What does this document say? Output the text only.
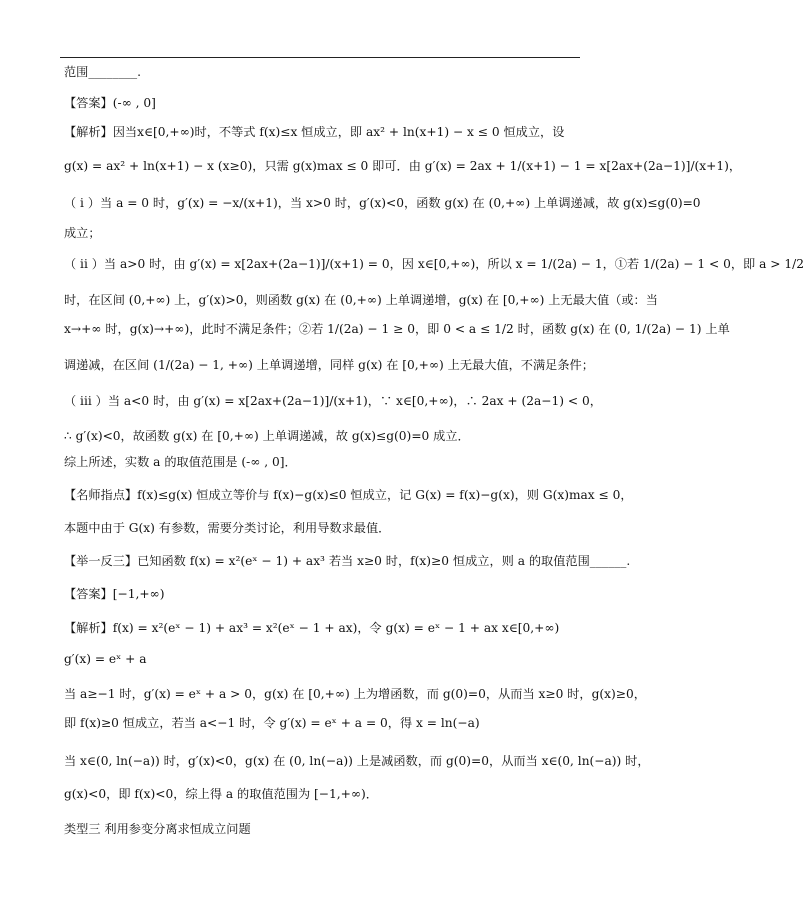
范围________.
【答案】(-∞ , 0]
【解析】因当x∈[0,+∞)时，不等式 f(x)≤x 恒成立，即 ax² + ln(x+1) − x ≤ 0 恒成立，设
g(x) = ax² + ln(x+1) − x (x≥0)，只需 g(x)max ≤ 0 即可．由 g′(x) = 2ax + 1/(x+1) − 1 = x[2ax+(2a−1)]/(x+1)，
（ i ）当 a = 0 时，g′(x) = −x/(x+1)，当 x>0 时，g′(x)<0，函数 g(x) 在 (0,+∞) 上单调递减，故 g(x)≤g(0)=0
成立；
（ ii ）当 a>0 时，由 g′(x) = x[2ax+(2a−1)]/(x+1) = 0，因 x∈[0,+∞)，所以 x = 1/(2a) − 1，①若 1/(2a) − 1 < 0，即 a > 1/2
时，在区间 (0,+∞) 上，g′(x)>0，则函数 g(x) 在 (0,+∞) 上单调递增，g(x) 在 [0,+∞) 上无最大值（或：当
x→+∞ 时，g(x)→+∞)，此时不满足条件；②若 1/(2a) − 1 ≥ 0，即 0 < a ≤ 1/2 时，函数 g(x) 在 (0, 1/(2a) − 1) 上单
调递减，在区间 (1/(2a) − 1, +∞) 上单调递增，同样 g(x) 在 [0,+∞) 上无最大值，不满足条件；
（ iii ）当 a<0 时，由 g′(x) = x[2ax+(2a−1)]/(x+1)，∵ x∈[0,+∞)，∴ 2ax + (2a−1) < 0，
∴ g′(x)<0，故函数 g(x) 在 [0,+∞) 上单调递减，故 g(x)≤g(0)=0 成立．
综上所述，实数 a 的取值范围是 (-∞ , 0]．
【名师指点】f(x)≤g(x) 恒成立等价与 f(x)−g(x)≤0 恒成立，记 G(x) = f(x)−g(x)，则 G(x)max ≤ 0，
本题中由于 G(x) 有参数，需要分类讨论，利用导数求最值．
【举一反三】已知函数 f(x) = x²(eˣ − 1) + ax³ 若当 x≥0 时，f(x)≥0 恒成立，则 a 的取值范围______.
【答案】[−1,+∞)
【解析】f(x) = x²(eˣ − 1) + ax³ = x²(eˣ − 1 + ax)，令 g(x) = eˣ − 1 + ax x∈[0,+∞)
g′(x) = eˣ + a
当 a≥−1 时，g′(x) = eˣ + a > 0，g(x) 在 [0,+∞) 上为增函数，而 g(0)=0，从而当 x≥0 时，g(x)≥0，
即 f(x)≥0 恒成立，若当 a<−1 时，令 g′(x) = eˣ + a = 0，得 x = ln(−a)
当 x∈(0, ln(−a)) 时，g′(x)<0，g(x) 在 (0, ln(−a)) 上是减函数，而 g(0)=0，从而当 x∈(0, ln(−a)) 时，
g(x)<0，即 f(x)<0，综上得 a 的取值范围为 [−1,+∞)．
类型三 利用参变分离求恒成立问题
